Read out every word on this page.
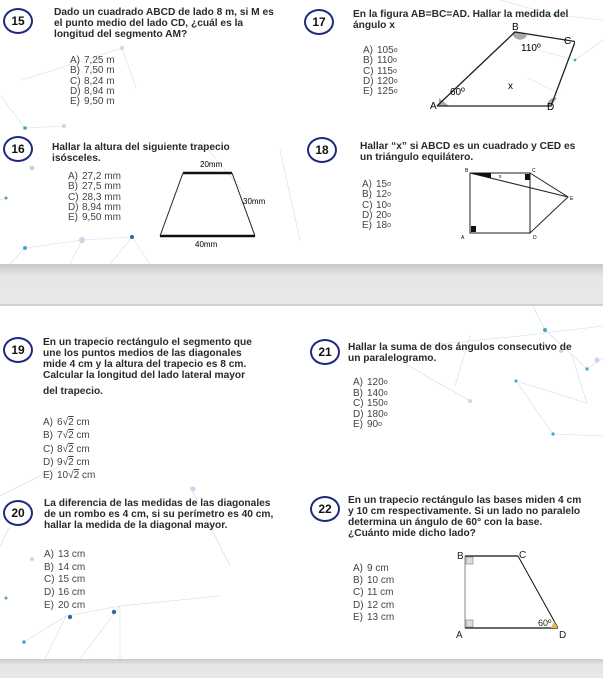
15
Dado un cuadrado ABCD de lado 8 m, si M es el punto medio del lado CD, ¿cuál es la longitud del segmento AM?
A) 7,25 m
B) 7,50 m
C) 8,24 m
D) 8,94 m
E) 9,50 m
17
En la figura AB=BC=AD. Hallar la medida del ángulo x
A) 105o
B) 110o
C) 115o
D) 120o
E) 125o
B
C
A	D
110º
60º
x
16	Hallar la altura del siguiente trapecio isósceles.
A) 27,2 mm
B) 27,5 mm
C) 28,3 mm
D) 8,94 mm
E) 9,50 mm
20mm
30mm
40mm
18	Hallar “x” si ABCD es un cuadrado y CED es un triángulo equilátero.
A) 15o
B) 12o
C) 10o
D) 20o
E) 18o
B	C
E
A	D
x
19
En un trapecio rectángulo el segmento que
une los puntos medios de las diagonales
mide 4 cm y la altura del trapecio es 8 cm.
Calcular la longitud del lado lateral mayor
del trapecio.
A) 6√2 cm
B) 7√2 cm
C) 8√2 cm
D) 9√2 cm
E) 10√2 cm
21	Hallar la suma de dos ángulos consecutivo de un paralelogramo.
A) 120o
B) 140o
C) 150o
D) 180o
E) 90o
20
La diferencia de las medidas de las diagonales
de un rombo es 4 cm, si su perímetro es 40 cm,
hallar la medida de la diagonal mayor.
A) 13 cm
B) 14 cm
C) 15 cm
D) 16 cm
E) 20 cm
22
En un trapecio rectángulo las bases miden 4 cm
y 10 cm respectivamente. Si un lado no paralelo
determina un ángulo de 60° con la base.
¿Cuánto mide dicho lado?
A) 9 cm
B) 10 cm
C) 11 cm
D) 12 cm
E) 13 cm
B	C
A	D
60º
